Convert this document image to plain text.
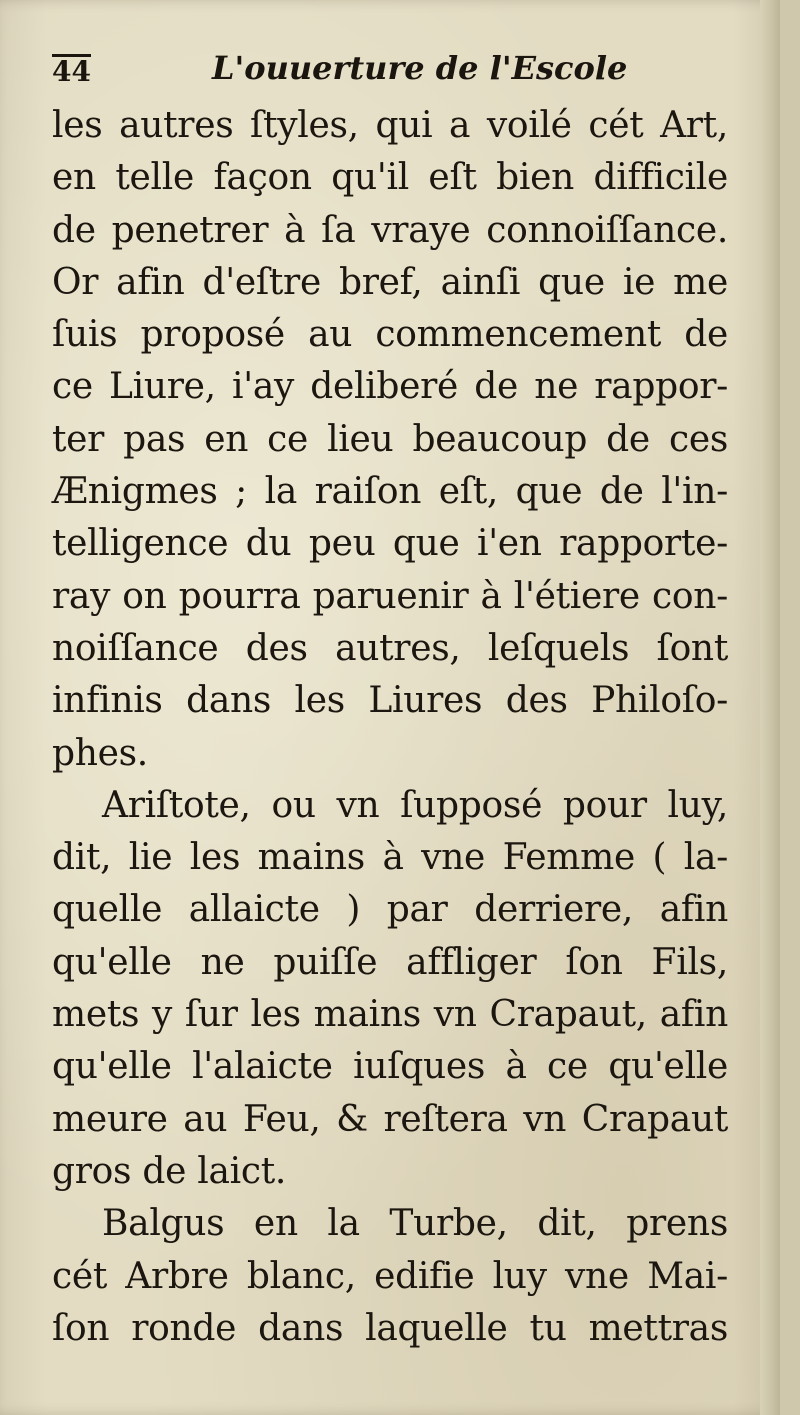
44	L'ouuerture de l'Escole
les autres ſtyles, qui a voilé cét Art,
en telle façon qu'il eſt bien difficile
de penetrer à ſa vraye connoiſſance.
Or afin d'eſtre bref, ainſi que ie me
ſuis proposé au commencement de
ce Liure, i'ay deliberé de ne rappor-
ter pas en ce lieu beaucoup de ces
Ænigmes ; la raiſon eſt, que de l'in-
telligence du peu que i'en rapporte-
ray on pourra paruenir à l'étiere con-
noiſſance des autres, leſquels ſont
infinis dans les Liures des Philoſo-
phes.
Ariſtote, ou vn ſupposé pour luy,
dit, lie les mains à vne Femme ( la-
quelle allaicte ) par derriere, afin
qu'elle ne puiſſe affliger ſon Fils,
mets y ſur les mains vn Crapaut, afin
qu'elle l'alaicte iuſques à ce qu'elle
meure au Feu, & reſtera vn Crapaut
gros de laict.
Balgus en la Turbe, dit, prens
cét Arbre blanc, edifie luy vne Mai-
ſon ronde dans laquelle tu mettras
